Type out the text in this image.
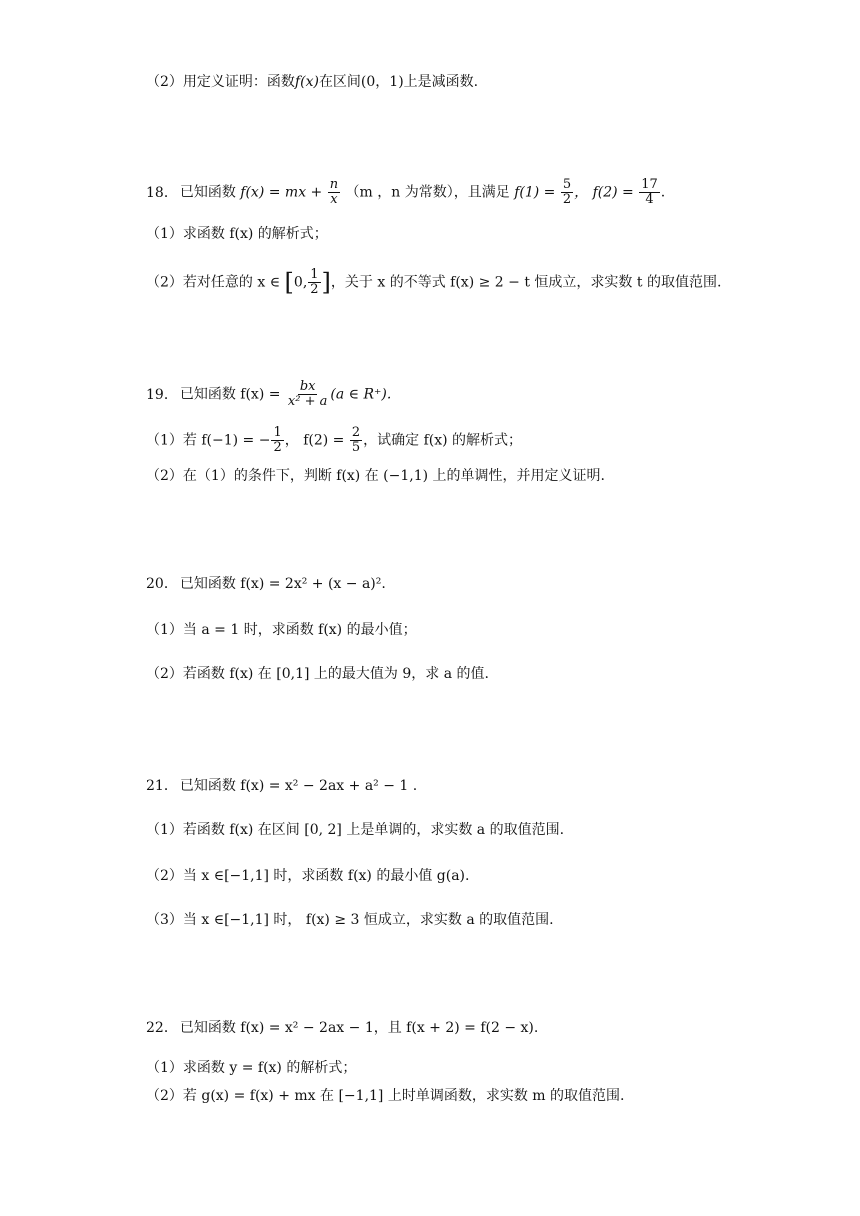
（2）用定义证明：函数f(x)在区间(0，1)上是减函数.
18． 已知函数 f(x) = mx + $\frac{n}{x} (m$ ，n 为常数），且满足 $f(1) = \frac{5}{2}$ ， $f(2) = \frac{17}{4}$ .
（1）求函数 f(x) 的解析式；
（2）若对任意的 x ∈ [0, $\frac{1}{2}$ ]，关于 x 的不等式 f(x) ≥ 2 − t 恒成立，求实数 t 的取值范围.
19． 已知函数 $f(x) = \frac{bx}{\text{x² + a}} (a$ ∈ R⁺).
（1）若 f(−1) = − $\frac{1}{2}$ ， $f(2) = \frac{2}{5}$ ，试确定 f(x) 的解析式；
（2）在（1）的条件下，判断 f(x) 在 (−1,1) 上的单调性，并用定义证明.
20． 已知函数 f(x) = 2x² + (x − a)².
（1）当 a = 1 时，求函数 f(x) 的最小值；
（2）若函数 f(x) 在 [0,1] 上的最大值为 9，求 a 的值.
21． 已知函数 f(x) = x² − 2ax + a² − 1 .
（1）若函数 f(x) 在区间 [0, 2] 上是单调的，求实数 a 的取值范围.
（2）当 x ∈[−1,1] 时，求函数 f(x) 的最小值 g(a).
（3）当 x ∈[−1,1] 时， f(x) ≥ 3 恒成立，求实数 a 的取值范围.
22． 已知函数 f(x) = x² − 2ax − 1，且 f(x + 2) = f(2 − x).
（1）求函数 y = f(x) 的解析式；
（2）若 g(x) = f(x) + mx 在 [−1,1] 上时单调函数，求实数 m 的取值范围.
